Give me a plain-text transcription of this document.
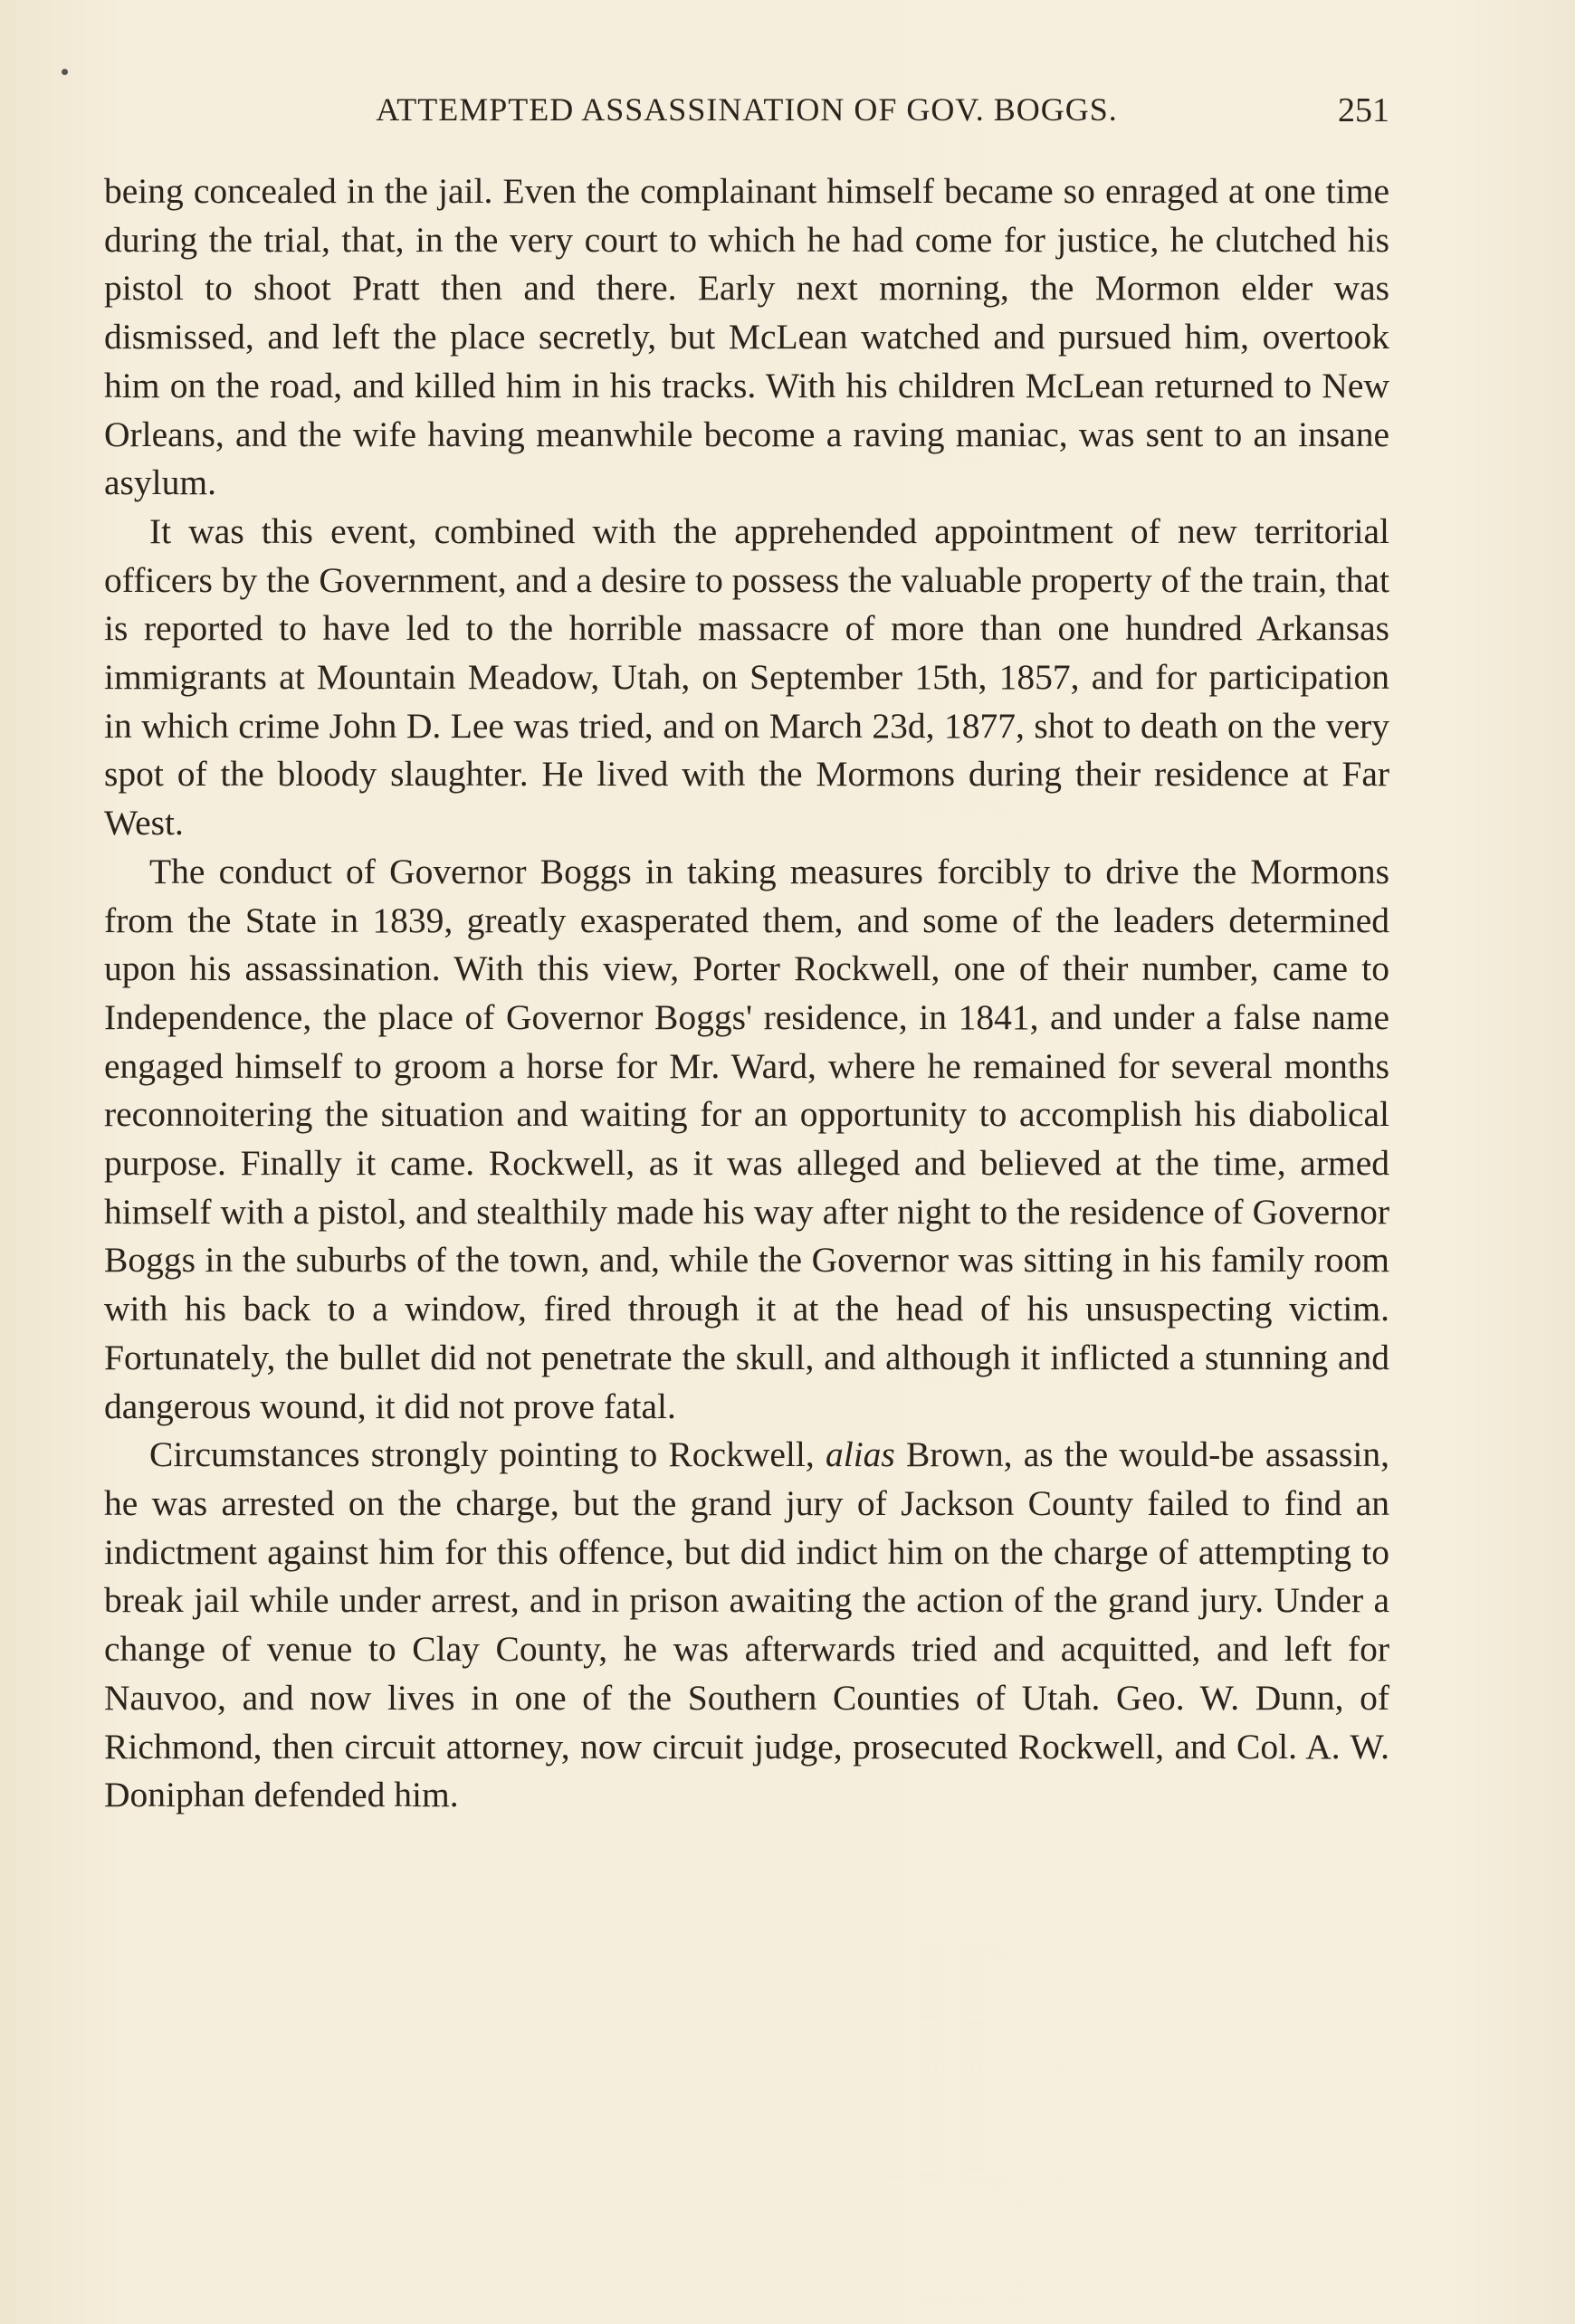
ATTEMPTED ASSASSINATION OF GOV. BOGGS.	251

being concealed in the jail. Even the complainant himself became so enraged at one time during the trial, that, in the very court to which he had come for justice, he clutched his pistol to shoot Pratt then and there. Early next morning, the Mormon elder was dismissed, and left the place secretly, but McLean watched and pursued him, overtook him on the road, and killed him in his tracks. With his children McLean returned to New Orleans, and the wife having meanwhile become a raving maniac, was sent to an insane asylum.

It was this event, combined with the apprehended appointment of new territorial officers by the Government, and a desire to possess the valuable property of the train, that is reported to have led to the horrible massacre of more than one hundred Arkansas immigrants at Mountain Meadow, Utah, on September 15th, 1857, and for participation in which crime John D. Lee was tried, and on March 23d, 1877, shot to death on the very spot of the bloody slaughter. He lived with the Mormons during their residence at Far West.

The conduct of Governor Boggs in taking measures forcibly to drive the Mormons from the State in 1839, greatly exasperated them, and some of the leaders determined upon his assassination. With this view, Porter Rockwell, one of their number, came to Independence, the place of Governor Boggs' residence, in 1841, and under a false name engaged himself to groom a horse for Mr. Ward, where he remained for several months reconnoitering the situation and waiting for an opportunity to accomplish his diabolical purpose. Finally it came. Rockwell, as it was alleged and believed at the time, armed himself with a pistol, and stealthily made his way after night to the residence of Governor Boggs in the suburbs of the town, and, while the Governor was sitting in his family room with his back to a window, fired through it at the head of his unsuspecting victim. Fortunately, the bullet did not penetrate the skull, and although it inflicted a stunning and dangerous wound, it did not prove fatal.

Circumstances strongly pointing to Rockwell, alias Brown, as the would-be assassin, he was arrested on the charge, but the grand jury of Jackson County failed to find an indictment against him for this offence, but did indict him on the charge of attempting to break jail while under arrest, and in prison awaiting the action of the grand jury. Under a change of venue to Clay County, he was afterwards tried and acquitted, and left for Nauvoo, and now lives in one of the Southern Counties of Utah. Geo. W. Dunn, of Richmond, then circuit attorney, now circuit judge, prosecuted Rockwell, and Col. A. W. Doniphan defended him.
